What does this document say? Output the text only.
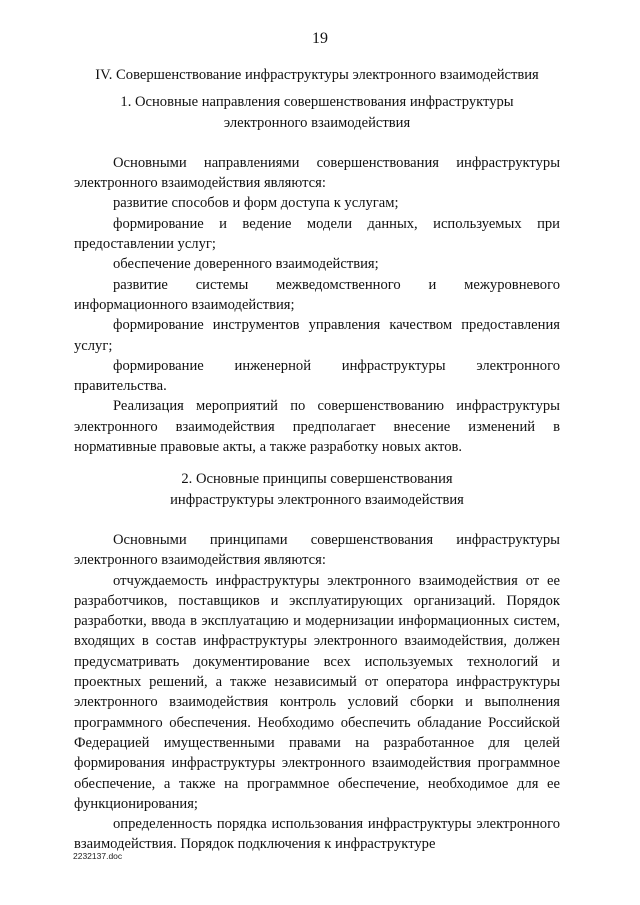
19
IV. Совершенствование инфраструктуры электронного взаимодействия
1. Основные направления совершенствования инфраструктуры
электронного взаимодействия

Основными направлениями совершенствования инфраструктуры электронного взаимодействия являются:

развитие способов и форм доступа к услугам;

формирование и ведение модели данных, используемых при предоставлении услуг;

обеспечение доверенного взаимодействия;

развитие системы межведомственного и межуровневого информационного взаимодействия;

формирование инструментов управления качеством предоставления услуг;

формирование инженерной инфраструктуры электронного правительства.

Реализация мероприятий по совершенствованию инфраструктуры электронного взаимодействия предполагает внесение изменений в нормативные правовые акты, а также разработку новых актов.

2. Основные принципы совершенствования
инфраструктуры электронного взаимодействия

Основными принципами совершенствования инфраструктуры электронного взаимодействия являются:

отчуждаемость инфраструктуры электронного взаимодействия от ее разработчиков, поставщиков и эксплуатирующих организаций. Порядок разработки, ввода в эксплуатацию и модернизации информационных систем, входящих в состав инфраструктуры электронного взаимодействия, должен предусматривать документирование всех используемых технологий и проектных решений, а также независимый от оператора инфраструктуры электронного взаимодействия контроль условий сборки и выполнения программного обеспечения. Необходимо обеспечить обладание Российской Федерацией имущественными правами на разработанное для целей формирования инфраструктуры электронного взаимодействия программное обеспечение, а также на программное обеспечение, необходимое для ее функционирования;

определенность порядка использования инфраструктуры электронного взаимодействия. Порядок подключения к инфраструктуре

2232137.doc
